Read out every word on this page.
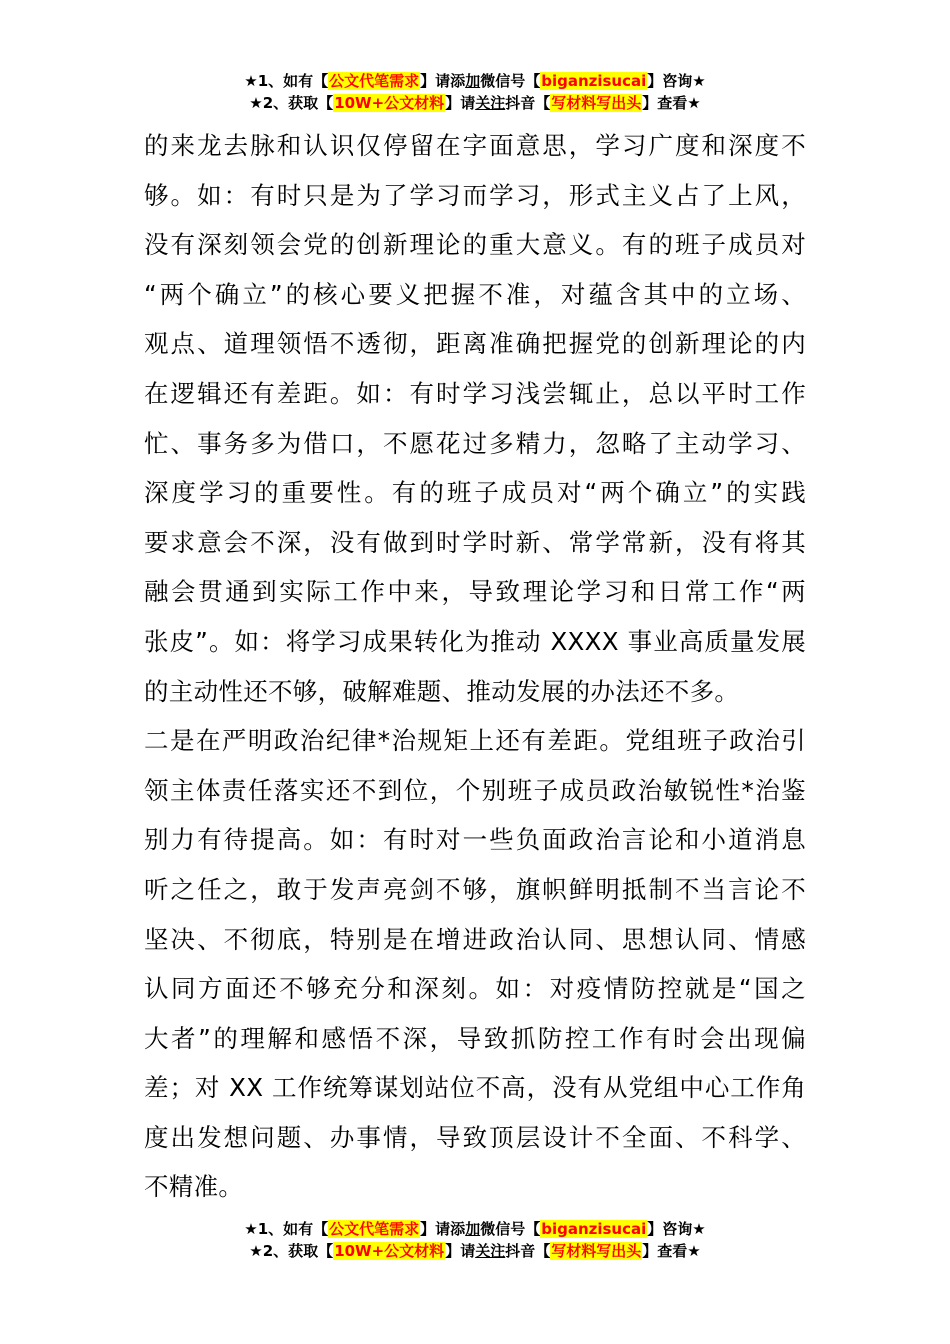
★1、如有【公文代笔需求】请添加微信号【biganzisucai】咨询★
★2、获取【10W+公文材料】请关注抖音【写材料写出头】查看★
的来龙去脉和认识仅停留在字面意思，学习广度和深度不
够。如：有时只是为了学习而学习，形式主义占了上风，
没有深刻领会党的创新理论的重大意义。有的班子成员对
“两个确立”的核心要义把握不准，对蕴含其中的立场、
观点、道理领悟不透彻，距离准确把握党的创新理论的内
在逻辑还有差距。如：有时学习浅尝辄止，总以平时工作
忙、事务多为借口，不愿花过多精力，忽略了主动学习、
深度学习的重要性。有的班子成员对“两个确立”的实践
要求意会不深，没有做到时学时新、常学常新，没有将其
融会贯通到实际工作中来，导致理论学习和日常工作“两
张皮”。如：将学习成果转化为推动 XXXX 事业高质量发展
的主动性还不够，破解难题、推动发展的办法还不多。
二是在严明政治纪律*治规矩上还有差距。党组班子政治引
领主体责任落实还不到位，个别班子成员政治敏锐性*治鉴
别力有待提高。如：有时对一些负面政治言论和小道消息
听之任之，敢于发声亮剑不够，旗帜鲜明抵制不当言论不
坚决、不彻底，特别是在增进政治认同、思想认同、情感
认同方面还不够充分和深刻。如：对疫情防控就是“国之
大者”的理解和感悟不深，导致抓防控工作有时会出现偏
差；对 XX 工作统筹谋划站位不高，没有从党组中心工作角
度出发想问题、办事情，导致顶层设计不全面、不科学、
不精准。
★1、如有【公文代笔需求】请添加微信号【biganzisucai】咨询★
★2、获取【10W+公文材料】请关注抖音【写材料写出头】查看★
